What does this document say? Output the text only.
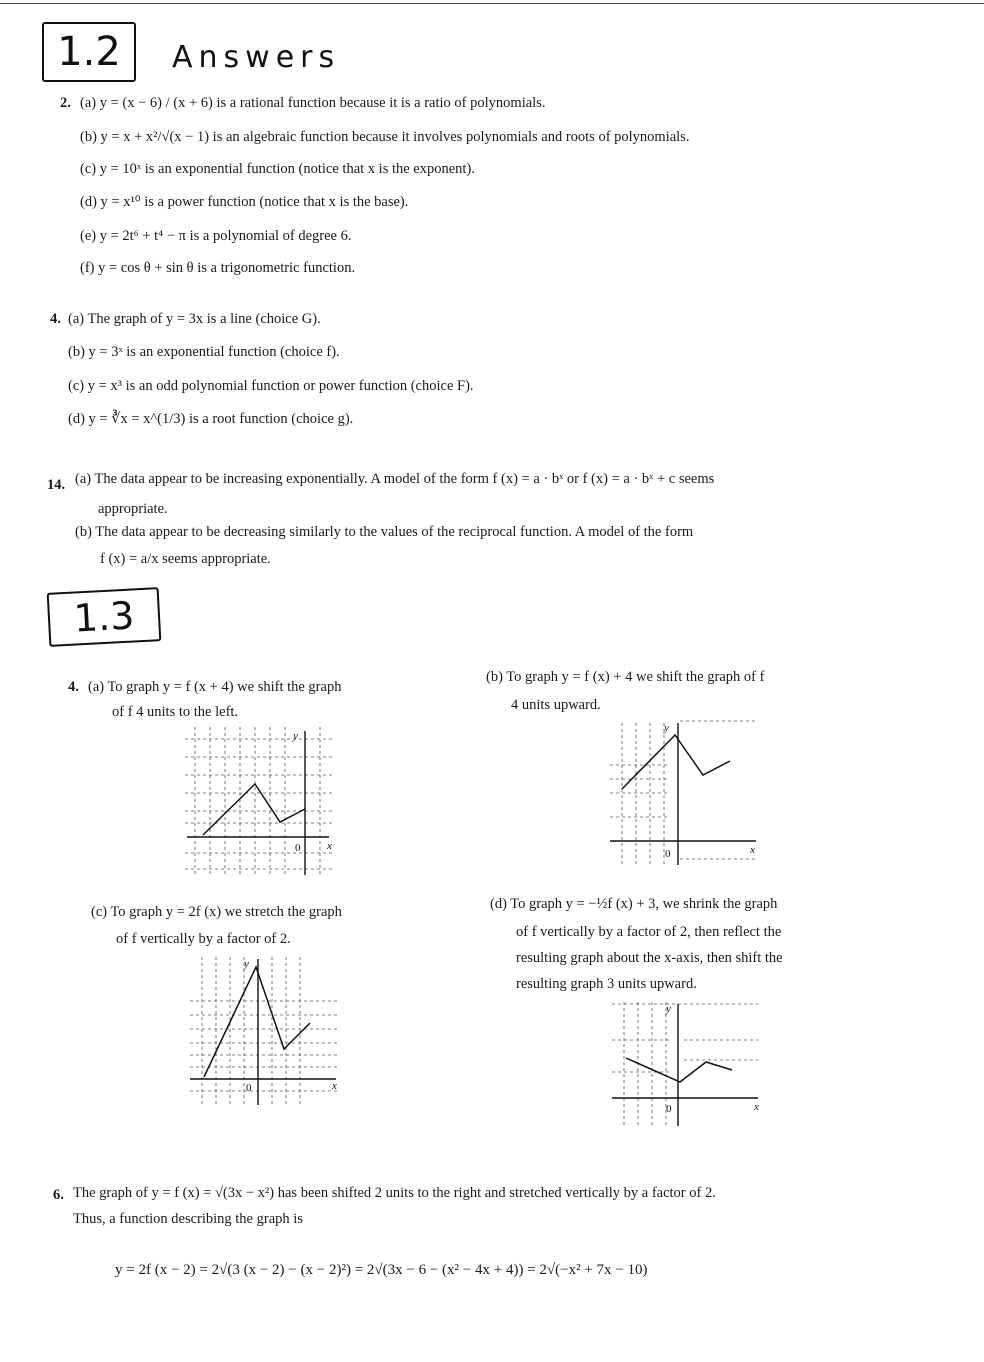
1.2	Answers
2. (a) y = (x − 6) / (x + 6) is a rational function because it is a ratio of polynomials.
(b) y = x + x²/√(x − 1) is an algebraic function because it involves polynomials and roots of polynomials.
(c) y = 10ˣ is an exponential function (notice that x is the exponent).
(d) y = x¹⁰ is a power function (notice that x is the base).
(e) y = 2t⁶ + t⁴ − π is a polynomial of degree 6.
(f) y = cos θ + sin θ is a trigonometric function.
4. (a) The graph of y = 3x is a line (choice G).
(b) y = 3ˣ is an exponential function (choice f).
(c) y = x³ is an odd polynomial function or power function (choice F).
(d) y = ∛x = x^(1/3) is a root function (choice g).
14. (a) The data appear to be increasing exponentially. A model of the form f (x) = a · bˣ or f (x) = a · bˣ + c seems
appropriate.
(b) The data appear to be decreasing similarly to the values of the reciprocal function. A model of the form
f (x) = a/x seems appropriate.
1.3
4. (a) To graph y = f (x + 4) we shift the graph
of f 4 units to the left.
(b) To graph y = f (x) + 4 we shift the graph of f
4 units upward.
(c) To graph y = 2f (x) we stretch the graph
of f vertically by a factor of 2.
(d) To graph y = −½f (x) + 3, we shrink the graph
of f vertically by a factor of 2, then reflect the
resulting graph about the x-axis, then shift the
resulting graph 3 units upward.
y
x
0
y
x
0
y
x
0
y
x
0
6. The graph of y = f (x) = √(3x − x²) has been shifted 2 units to the right and stretched vertically by a factor of 2.
Thus, a function describing the graph is
y = 2f (x − 2) = 2√(3 (x − 2) − (x − 2)²) = 2√(3x − 6 − (x² − 4x + 4)) = 2√(−x² + 7x − 10)
